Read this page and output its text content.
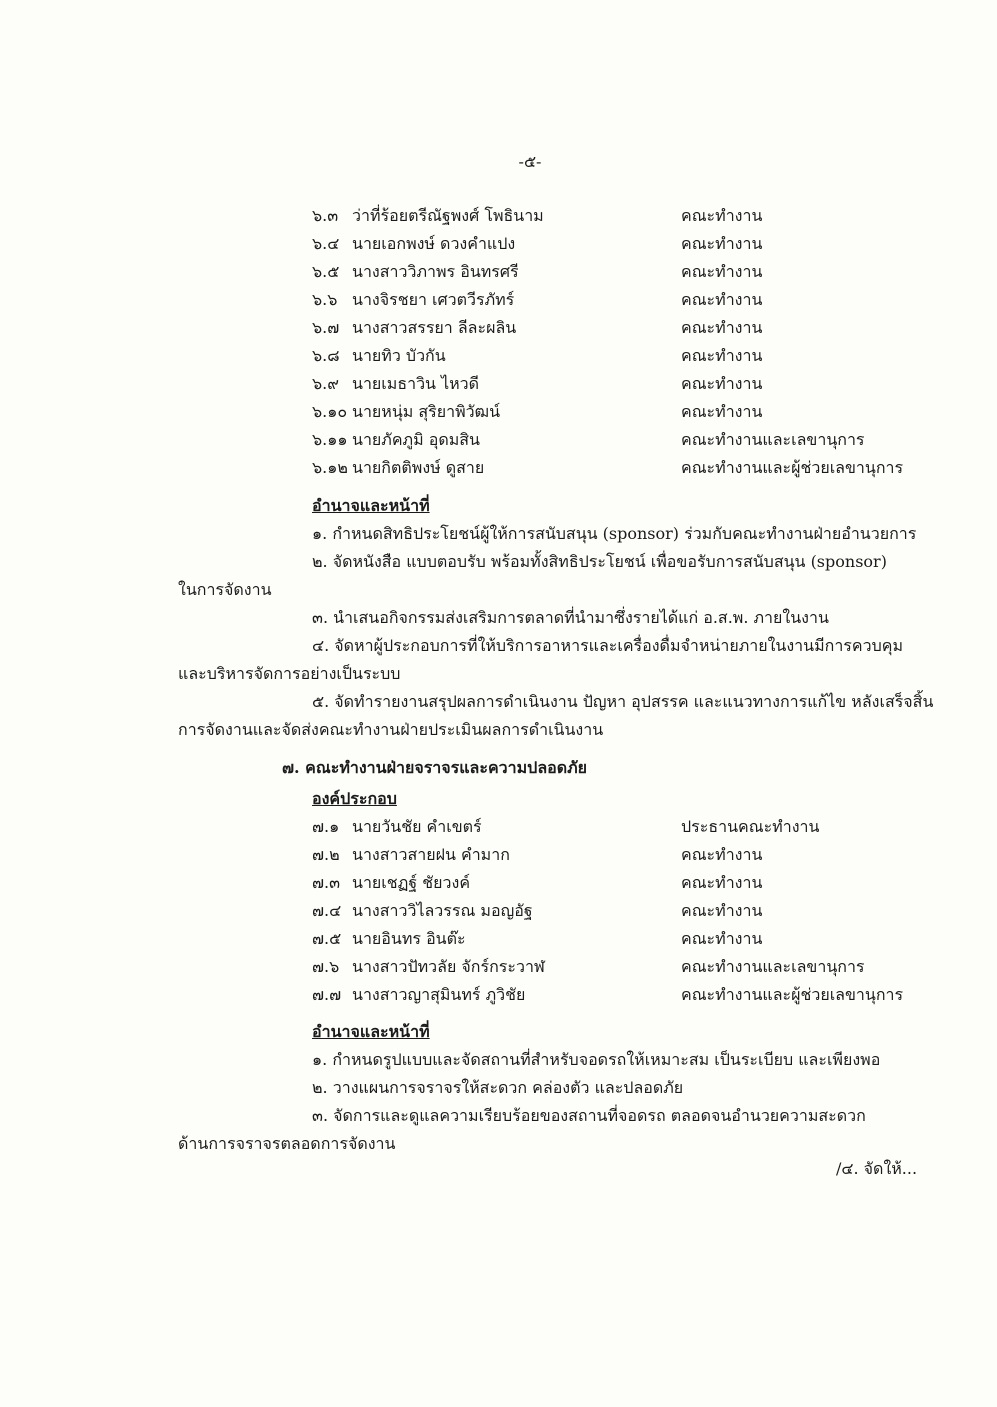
-๕-
๖.๓ ว่าที่ร้อยตรีณัฐพงศ์ โพธินาม	คณะทำงาน
๖.๔ นายเอกพงษ์ ดวงคำแปง	คณะทำงาน
๖.๕ นางสาววิภาพร อินทรศรี	คณะทำงาน
๖.๖ นางจิรชยา เศวตวีรภัทร์	คณะทำงาน
๖.๗ นางสาวสรรยา ลีละผลิน	คณะทำงาน
๖.๘ นายทิว บัวกัน	คณะทำงาน
๖.๙ นายเมธาวิน ไหวดี	คณะทำงาน
๖.๑๐ นายหนุ่ม สุริยาพิวัฒน์	คณะทำงาน
๖.๑๑ นายภัคภูมิ อุดมสิน	คณะทำงานและเลขานุการ
๖.๑๒ นายกิตติพงษ์ ดูสาย	คณะทำงานและผู้ช่วยเลขานุการ
อำนาจและหน้าที่
๑. กำหนดสิทธิประโยชน์ผู้ให้การสนับสนุน (sponsor) ร่วมกับคณะทำงานฝ่ายอำนวยการ
๒. จัดหนังสือ แบบตอบรับ พร้อมทั้งสิทธิประโยชน์ เพื่อขอรับการสนับสนุน (sponsor)
ในการจัดงาน
๓. นำเสนอกิจกรรมส่งเสริมการตลาดที่นำมาซึ่งรายได้แก่ อ.ส.พ. ภายในงาน
๔. จัดหาผู้ประกอบการที่ให้บริการอาหารและเครื่องดื่มจำหน่ายภายในงานมีการควบคุม
และบริหารจัดการอย่างเป็นระบบ
๕. จัดทำรายงานสรุปผลการดำเนินงาน ปัญหา อุปสรรค และแนวทางการแก้ไข หลังเสร็จสิ้น
การจัดงานและจัดส่งคณะทำงานฝ่ายประเมินผลการดำเนินงาน
๗. คณะทำงานฝ่ายจราจรและความปลอดภัย
องค์ประกอบ
๗.๑ นายวันชัย คำเขตร์	ประธานคณะทำงาน
๗.๒ นางสาวสายฝน คำมาก	คณะทำงาน
๗.๓ นายเชฏฐ์ ชัยวงค์	คณะทำงาน
๗.๔ นางสาววิไลวรรณ มอญอัฐ	คณะทำงาน
๗.๕ นายอินทร อินต๊ะ	คณะทำงาน
๗.๖ นางสาวปัทวลัย จักร์กระวาฬ	คณะทำงานและเลขานุการ
๗.๗ นางสาวญาสุมินทร์ ภูวิชัย	คณะทำงานและผู้ช่วยเลขานุการ
อำนาจและหน้าที่
๑. กำหนดรูปแบบและจัดสถานที่สำหรับจอดรถให้เหมาะสม เป็นระเบียบ และเพียงพอ
๒. วางแผนการจราจรให้สะดวก คล่องตัว และปลอดภัย
๓. จัดการและดูแลความเรียบร้อยของสถานที่จอดรถ ตลอดจนอำนวยความสะดวก
ด้านการจราจรตลอดการจัดงาน
/๔. จัดให้...
